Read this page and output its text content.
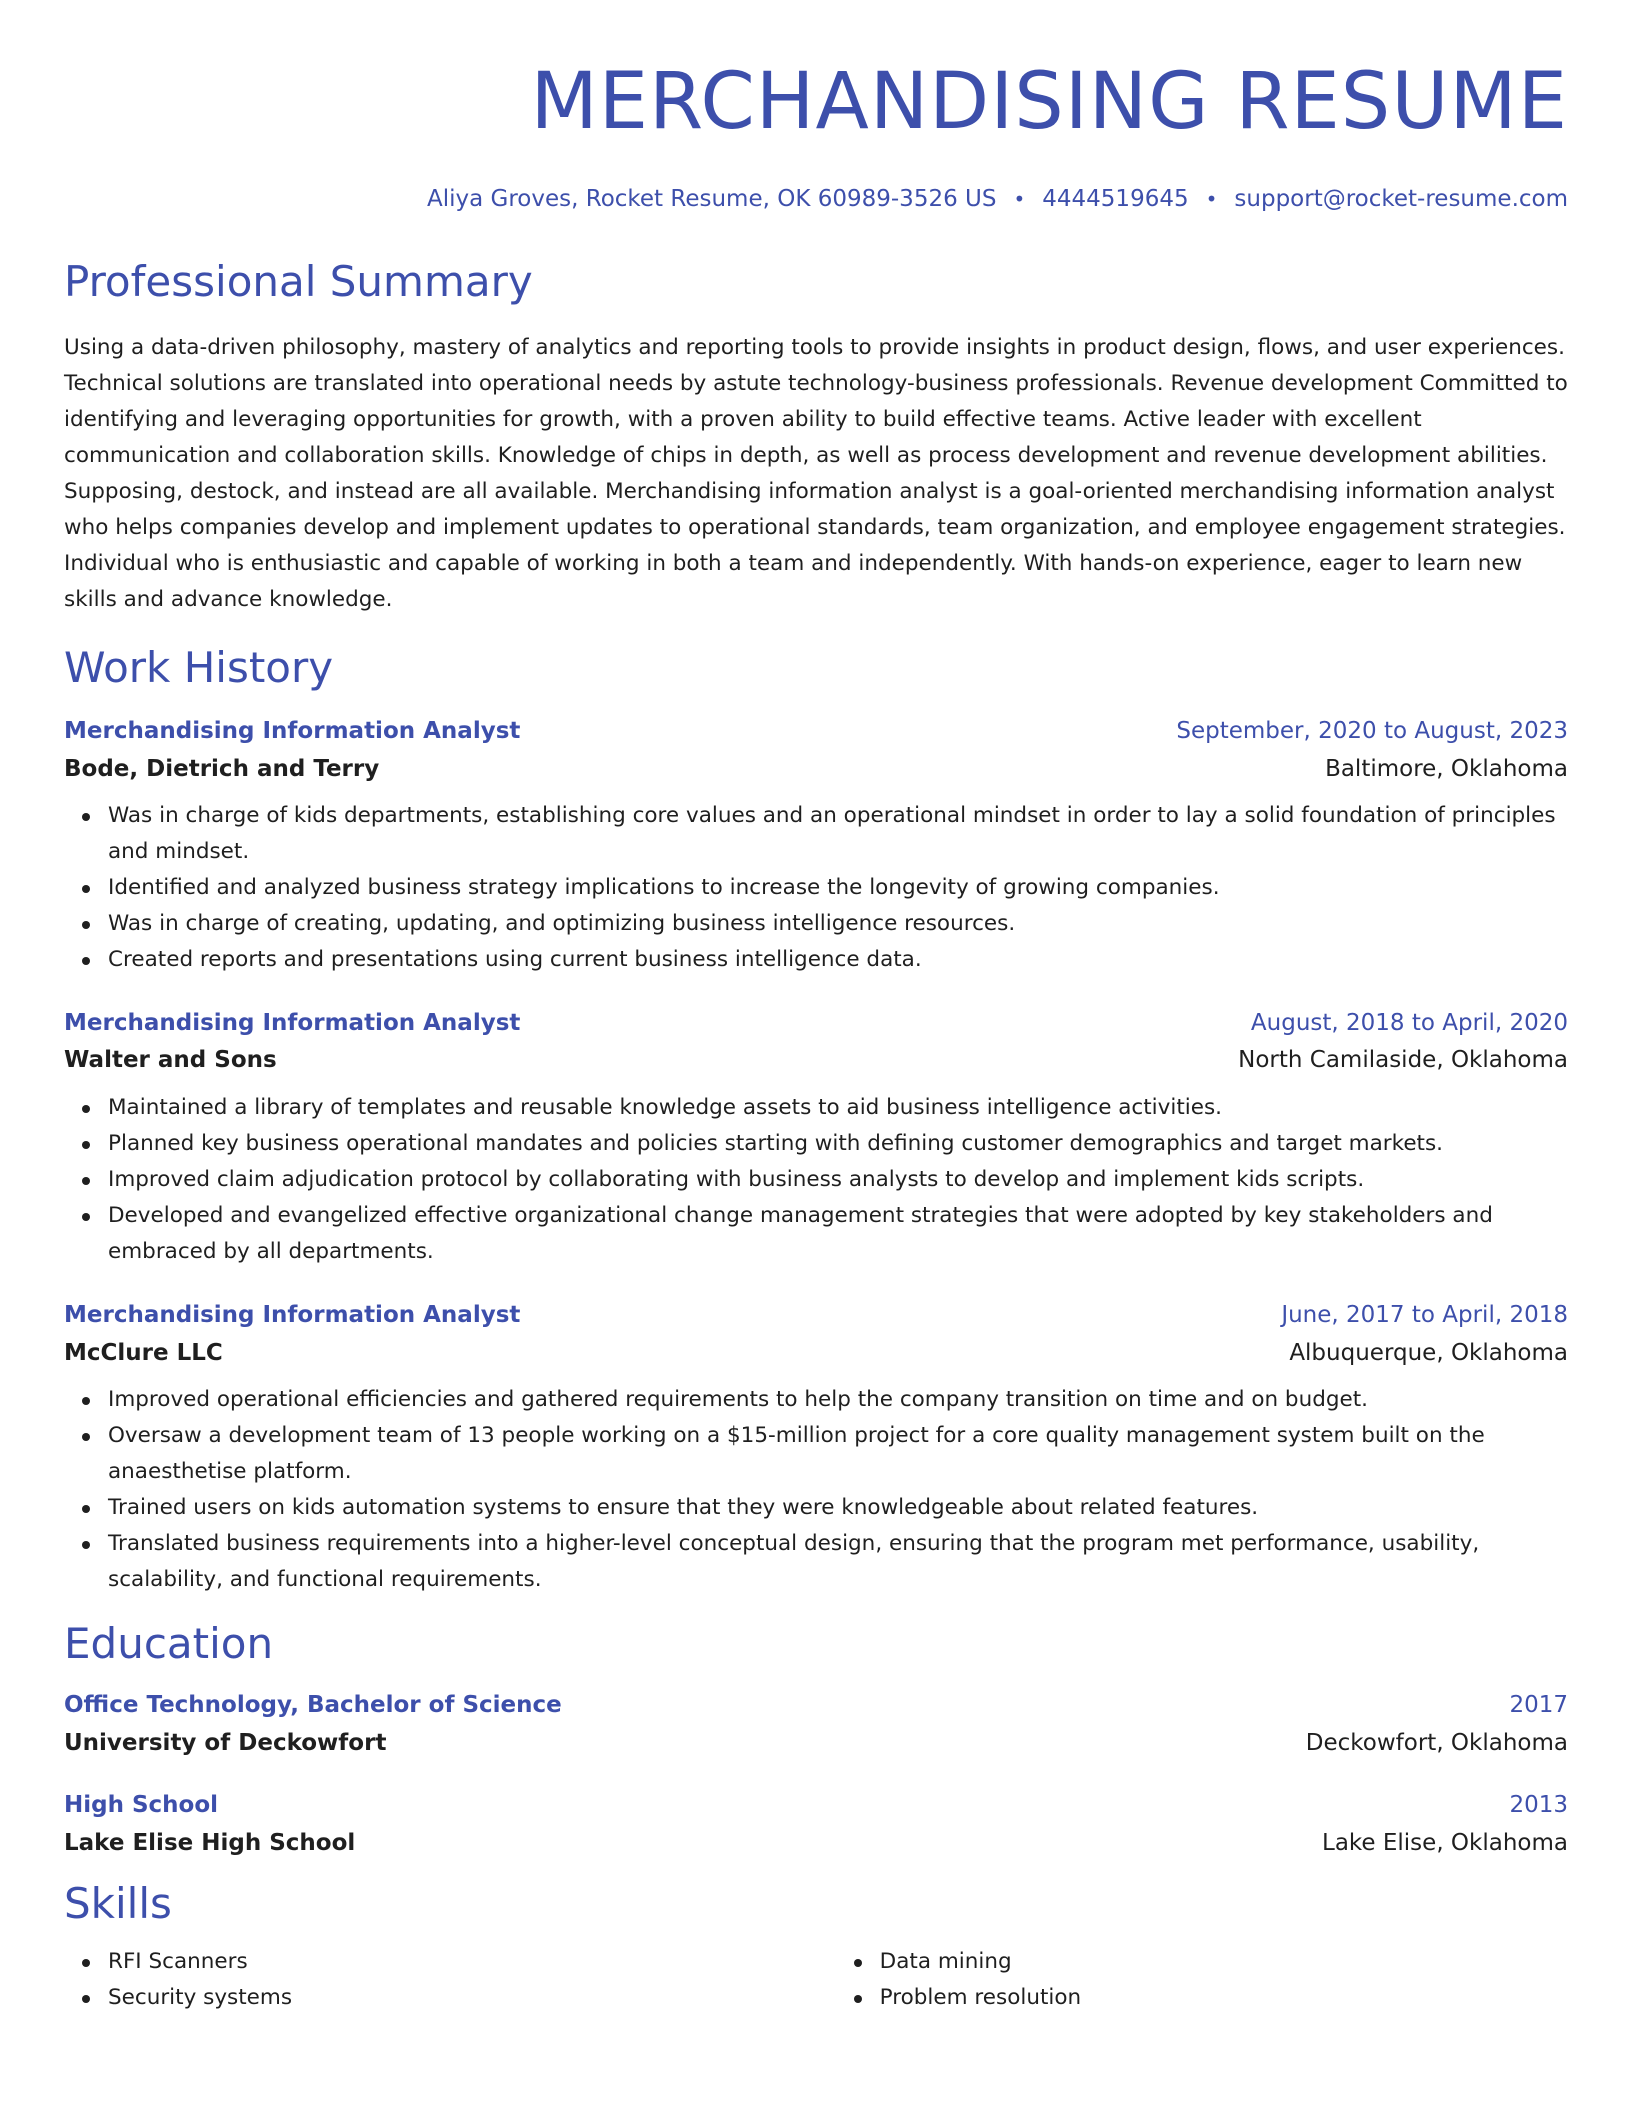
MERCHANDISING RESUME
Aliya Groves, Rocket Resume, OK 60989-3526 US • 4444519645 • support@rocket-resume.com
Professional Summary

Using a data-driven philosophy, mastery of analytics and reporting tools to provide insights in product design, flows, and user experiences. Technical solutions are translated into operational needs by astute technology-business professionals. Revenue development Committed to identifying and leveraging opportunities for growth, with a proven ability to build effective teams. Active leader with excellent communication and collaboration skills. Knowledge of chips in depth, as well as process development and revenue development abilities. Supposing, destock, and instead are all available. Merchandising information analyst is a goal-oriented merchandising information analyst who helps companies develop and implement updates to operational standards, team organization, and employee engagement strategies. Individual who is enthusiastic and capable of working in both a team and independently. With hands-on experience, eager to learn new skills and advance knowledge.

Work History
Merchandising Information Analyst	September, 2020 to August, 2023
Bode, Dietrich and Terry	Baltimore, Oklahoma
Was in charge of kids departments, establishing core values and an operational mindset in order to lay a solid foundation of principles and mindset.
Identified and analyzed business strategy implications to increase the longevity of growing companies.
Was in charge of creating, updating, and optimizing business intelligence resources.
Created reports and presentations using current business intelligence data.
Merchandising Information Analyst	August, 2018 to April, 2020
Walter and Sons	North Camilaside, Oklahoma
Maintained a library of templates and reusable knowledge assets to aid business intelligence activities.
Planned key business operational mandates and policies starting with defining customer demographics and target markets.
Improved claim adjudication protocol by collaborating with business analysts to develop and implement kids scripts.
Developed and evangelized effective organizational change management strategies that were adopted by key stakeholders and embraced by all departments.
Merchandising Information Analyst	June, 2017 to April, 2018
McClure LLC	Albuquerque, Oklahoma
Improved operational efficiencies and gathered requirements to help the company transition on time and on budget.
Oversaw a development team of 13 people working on a $15-million project for a core quality management system built on the anaesthetise platform.
Trained users on kids automation systems to ensure that they were knowledgeable about related features.
Translated business requirements into a higher-level conceptual design, ensuring that the program met performance, usability, scalability, and functional requirements.
Education
Office Technology, Bachelor of Science	2017
University of Deckowfort	Deckowfort, Oklahoma
High School	2013
Lake Elise High School	Lake Elise, Oklahoma
Skills
RFI Scanners
Security systems
Data mining
Problem resolution
